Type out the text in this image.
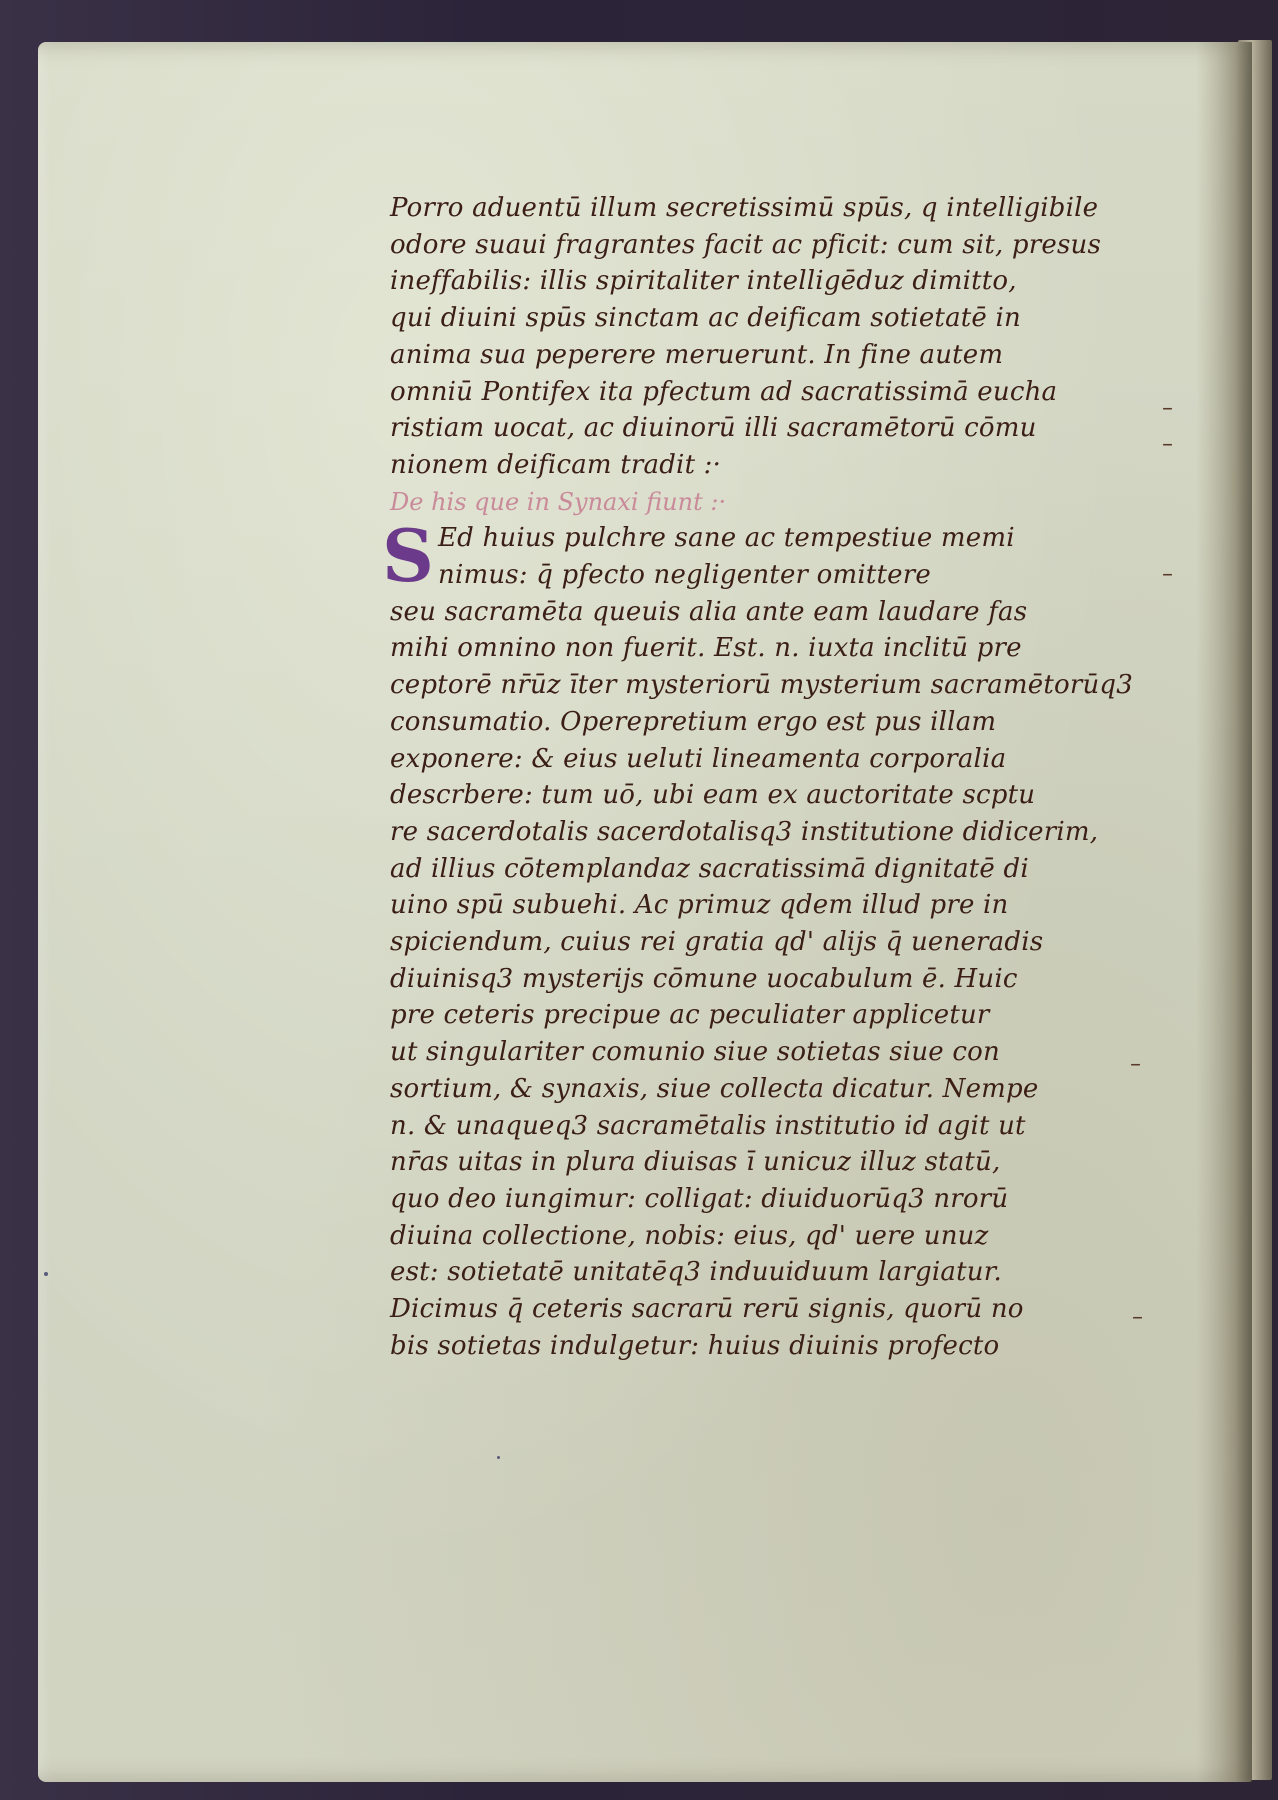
Porro aduentū illum secretissimū spūs, q intelligibile
odore suaui fragrantes facit ac pficit: cum sit, presus
ineffabilis: illis spiritaliter intelligēduz dimitto,
qui diuini spūs sinctam ac deificam sotietatē in
anima sua peperere meruerunt. In fine autem
omniū Pontifex ita pfectum ad sacratissimā eucha
ristiam uocat, ac diuinorū illi sacramētorū cōmu
nionem deificam tradit :·
De his que in Synaxi fiunt :·
S Ed huius pulchre sane ac tempestiue memi
nimus: q̄ pfecto negligenter omittere
seu sacramēta queuis alia ante eam laudare fas
mihi omnino non fuerit. Est. n. iuxta inclitū pre
ceptorē nr̄ūz īter mysteriorū mysterium sacramētorūq3
consumatio. Operepretium ergo est pus illam
exponere: & eius ueluti lineamenta corporalia
descrbere: tum uō, ubi eam ex auctoritate scptu
re sacerdotalis sacerdotalisq3 institutione didicerim,
ad illius cōtemplandaz sacratissimā dignitatē di
uino spū subuehi. Ac primuz qdem illud pre in
spiciendum, cuius rei gratia qd' alijs q̄ ueneradis
diuinisq3 mysterijs cōmune uocabulum ē. Huic
pre ceteris precipue ac peculiater applicetur
ut singulariter comunio siue sotietas siue con
sortium, & synaxis, siue collecta dicatur. Nempe
n. & unaqueq3 sacramētalis institutio id agit ut
nr̄as uitas in plura diuisas ī unicuz illuz statū,
quo deo iungimur: colligat: diuiduorūq3 nrorū
diuina collectione, nobis: eius, qd' uere unuz
est: sotietatē unitatēq3 induuiduum largiatur.
Dicimus q̄ ceteris sacrarū rerū signis, quorū no
bis sotietas indulgetur: huius diuinis profecto
–
–
–
–
–
